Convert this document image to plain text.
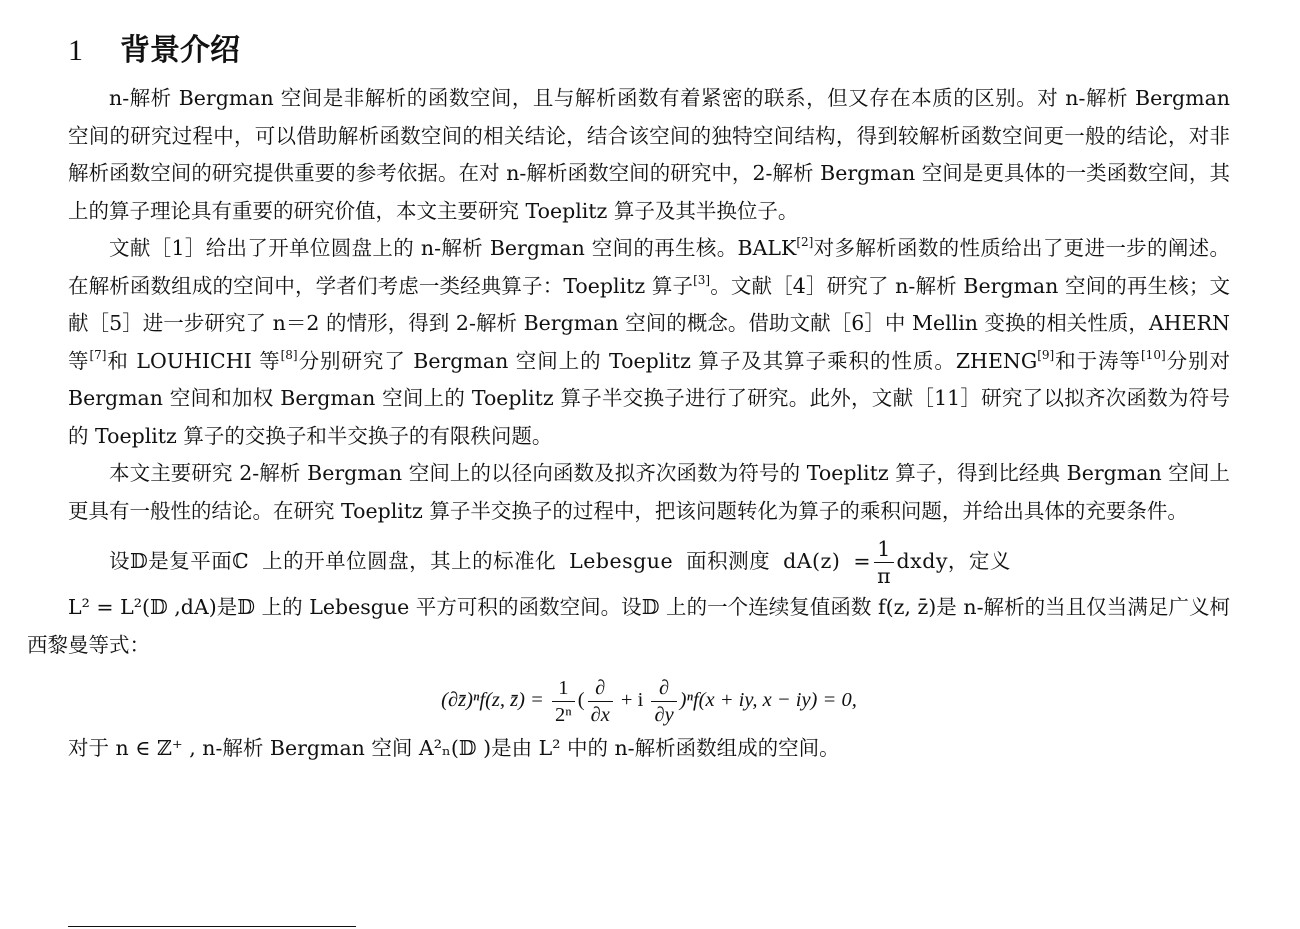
1	背景介绍

n-解析 Bergman 空间是非解析的函数空间，且与解析函数有着紧密的联系，但又存在本质的区别。对 n-解析 Bergman 空间的研究过程中，可以借助解析函数空间的相关结论，结合该空间的独特空间结构，得到较解析函数空间更一般的结论，对非解析函数空间的研究提供重要的参考依据。在对 n-解析函数空间的研究中，2-解析 Bergman 空间是更具体的一类函数空间，其上的算子理论具有重要的研究价值，本文主要研究 Toeplitz 算子及其半换位子。

文献［1］给出了开单位圆盘上的 n-解析 Bergman 空间的再生核。BALK[2]对多解析函数的性质给出了更进一步的阐述。在解析函数组成的空间中，学者们考虑一类经典算子：Toeplitz 算子[3]。文献［4］研究了 n-解析 Bergman 空间的再生核；文献［5］进一步研究了 n＝2 的情形，得到 2-解析 Bergman 空间的概念。借助文献［6］中 Mellin 变换的相关性质，AHERN 等[7]和 LOUHICHI 等[8]分别研究了 Bergman 空间上的 Toeplitz 算子及其算子乘积的性质。ZHENG[9]和于涛等[10]分别对 Bergman 空间和加权 Bergman 空间上的 Toeplitz 算子半交换子进行了研究。此外，文献［11］研究了以拟齐次函数为符号的 Toeplitz 算子的交换子和半交换子的有限秩问题。

本文主要研究 2-解析 Bergman 空间上的以径向函数及拟齐次函数为符号的 Toeplitz 算子，得到比经典 Bergman 空间上更具有一般性的结论。在研究 Toeplitz 算子半交换子的过程中，把该问题转化为算子的乘积问题，并给出具体的充要条件。

设𝔻是复平面ℂ 上的开单位圆盘，其上的标准化 Lebesgue 面积测度 $dA(z) = \frac{1}{\pi}$ dxdy，定义
L² = L²(𝔻 ,dA)是𝔻 上的 Lebesgue 平方可积的函数空间。设𝔻 上的一个连续复值函数 f(z, z̄)是 n-解析的当且仅当满足广义柯西黎曼等式：

(∂z̄)ⁿf(z, z̄) = $\frac{1}{\text{2ⁿ}}$ ( $\frac{\partial}{\partial x} + i \frac{\partial}{\partial y} )^nf(x$ + iy, x − iy) = 0,

对于 n ∈ ℤ⁺ , n-解析 Bergman 空间 A²ₙ(𝔻 )是由 L² 中的 n-解析函数组成的空间。
